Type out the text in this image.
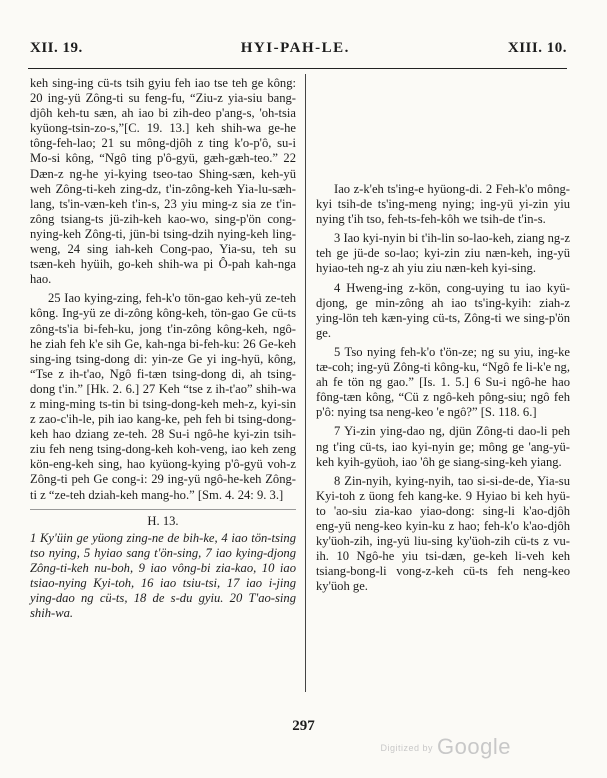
XII. 19.	HYI-PAH-LE.	XIII. 10.

keh sing-ing cü-ts tsih gyiu feh iao tse teh ge kông: 20 ing-yü Zông-ti su feng-fu, “Ziu-z yia-siu bang-djôh keh-tu sæn, ah iao bi zih-deo p'ang-s, 'oh-tsia kyüong-tsin-zo-s,”[C. 19. 13.] keh shih-wa ge-he tông-feh-lao; 21 su mông-djôh z ting k'o-p'ô, su-i Mo-si kông, “Ngô ting p'ô-gyü, gæh-gæh-teo.” 22 Dæn-z ng-he yi-kying tseo-tao Shing-sæn, keh-yü weh Zông-ti-keh zing-dz, t'in-zông-keh Yia-lu-sæh-lang, ts'in-væn-keh t'in-s, 23 yiu ming-z sia ze t'in-zông tsiang-ts jü-zih-keh kao-wo, sing-p'ön cong-nying-keh Zông-ti, jün-bi tsing-dzih nying-keh ling-weng, 24 sing iah-keh Cong-pao, Yia-su, teh su tsæn-keh hyüih, go-keh shih-wa pi Ô-pah kah-nga hao.

25 Iao kying-zing, feh-k'o tön-gao keh-yü ze-teh kông. Ing-yü ze di-zông kông-keh, tön-gao Ge cü-ts zông-ts'ia bi-feh-ku, jong t'in-zông kông-keh, ngô-he ziah feh k'e sih Ge, kah-nga bi-feh-ku: 26 Ge-keh sing-ing tsing-dong di: yin-ze Ge yi ing-hyü, kông, “Tse z ih-t'ao, Ngô fi-tæn tsing-dong di, ah tsing-dong t'in.” [Hk. 2. 6.] 27 Keh “tse z ih-t'ao” shih-wa z ming-ming ts-tin bi tsing-dong-keh meh-z, kyi-sin z zao-c'ih-le, pih iao kang-ke, peh feh bi tsing-dong-keh hao dziang ze-teh. 28 Su-i ngô-he kyi-zin tsih-ziu feh neng tsing-dong-keh koh-veng, iao keh zeng kön-eng-keh sing, hao kyüong-kying p'ô-gyü voh-z Zông-ti peh Ge cong-i: 29 ing-yü ngô-he-keh Zông-ti z “ze-teh dziah-keh mang-ho.” [Sm. 4. 24: 9. 3.]

H. 13.

1 Ky'üin ge yüong zing-ne de bih-ke, 4 iao tön-tsing tso nying, 5 hyiao sang t'ön-sing, 7 iao kying-djong Zông-ti-keh nu-boh, 9 iao vông-bi zia-kao, 10 iao tsiao-nying Kyi-toh, 16 iao tsiu-tsi, 17 iao i-jing ying-dao ng cü-ts, 18 de s-du gyiu. 20 T'ao-sing shih-wa.

Iao z-k'eh ts'ing-e hyüong-di. 2 Feh-k'o mông-kyi tsih-de ts'ing-meng nying; ing-yü yi-zin yiu nying t'ih tso, feh-ts-feh-kôh we tsih-de t'in-s.

3 Iao kyi-nyin bi t'ih-lin so-lao-keh, ziang ng-z teh ge jü-de so-lao; kyi-zin ziu næn-keh, ing-yü hyiao-teh ng-z ah yiu ziu næn-keh kyi-sing.

4 Hweng-ing z-kön, cong-uying tu iao kyü-djong, ge min-zông ah iao ts'ing-kyih: ziah-z ying-lön teh kæn-ying cü-ts, Zông-ti we sing-p'ön ge.

5 Tso nying feh-k'o t'ön-ze; ng su yiu, ing-ke tæ-coh; ing-yü Zông-ti kông-ku, “Ngô fe li-k'e ng, ah fe tön ng gao.” [Is. 1. 5.] 6 Su-i ngô-he hao fông-tæn kông, “Cü z ngô-keh pông-siu; ngô feh p'ô: nying tsa neng-keo 'e ngô?” [S. 118. 6.]

7 Yi-zin ying-dao ng, djün Zông-ti dao-li peh ng t'ing cü-ts, iao kyi-nyin ge; mông ge 'ang-yü-keh kyih-gyüoh, iao 'ôh ge siang-sing-keh yiang.

8 Zin-nyih, kying-nyih, tao si-si-de-de, Yia-su Kyi-toh z üong feh kang-ke. 9 Hyiao bi keh hyü-to 'ao-siu zia-kao yiao-dong: sing-li k'ao-djôh eng-yü neng-keo kyin-ku z hao; feh-k'o k'ao-djôh ky'üoh-zih, ing-yü liu-sing ky'üoh-zih cü-ts z vu-ih. 10 Ngô-he yiu tsi-dæn, ge-keh li-veh keh tsiang-bong-li vong-z-keh cü-ts feh neng-keo ky'üoh ge.

297
Digitized by Google
